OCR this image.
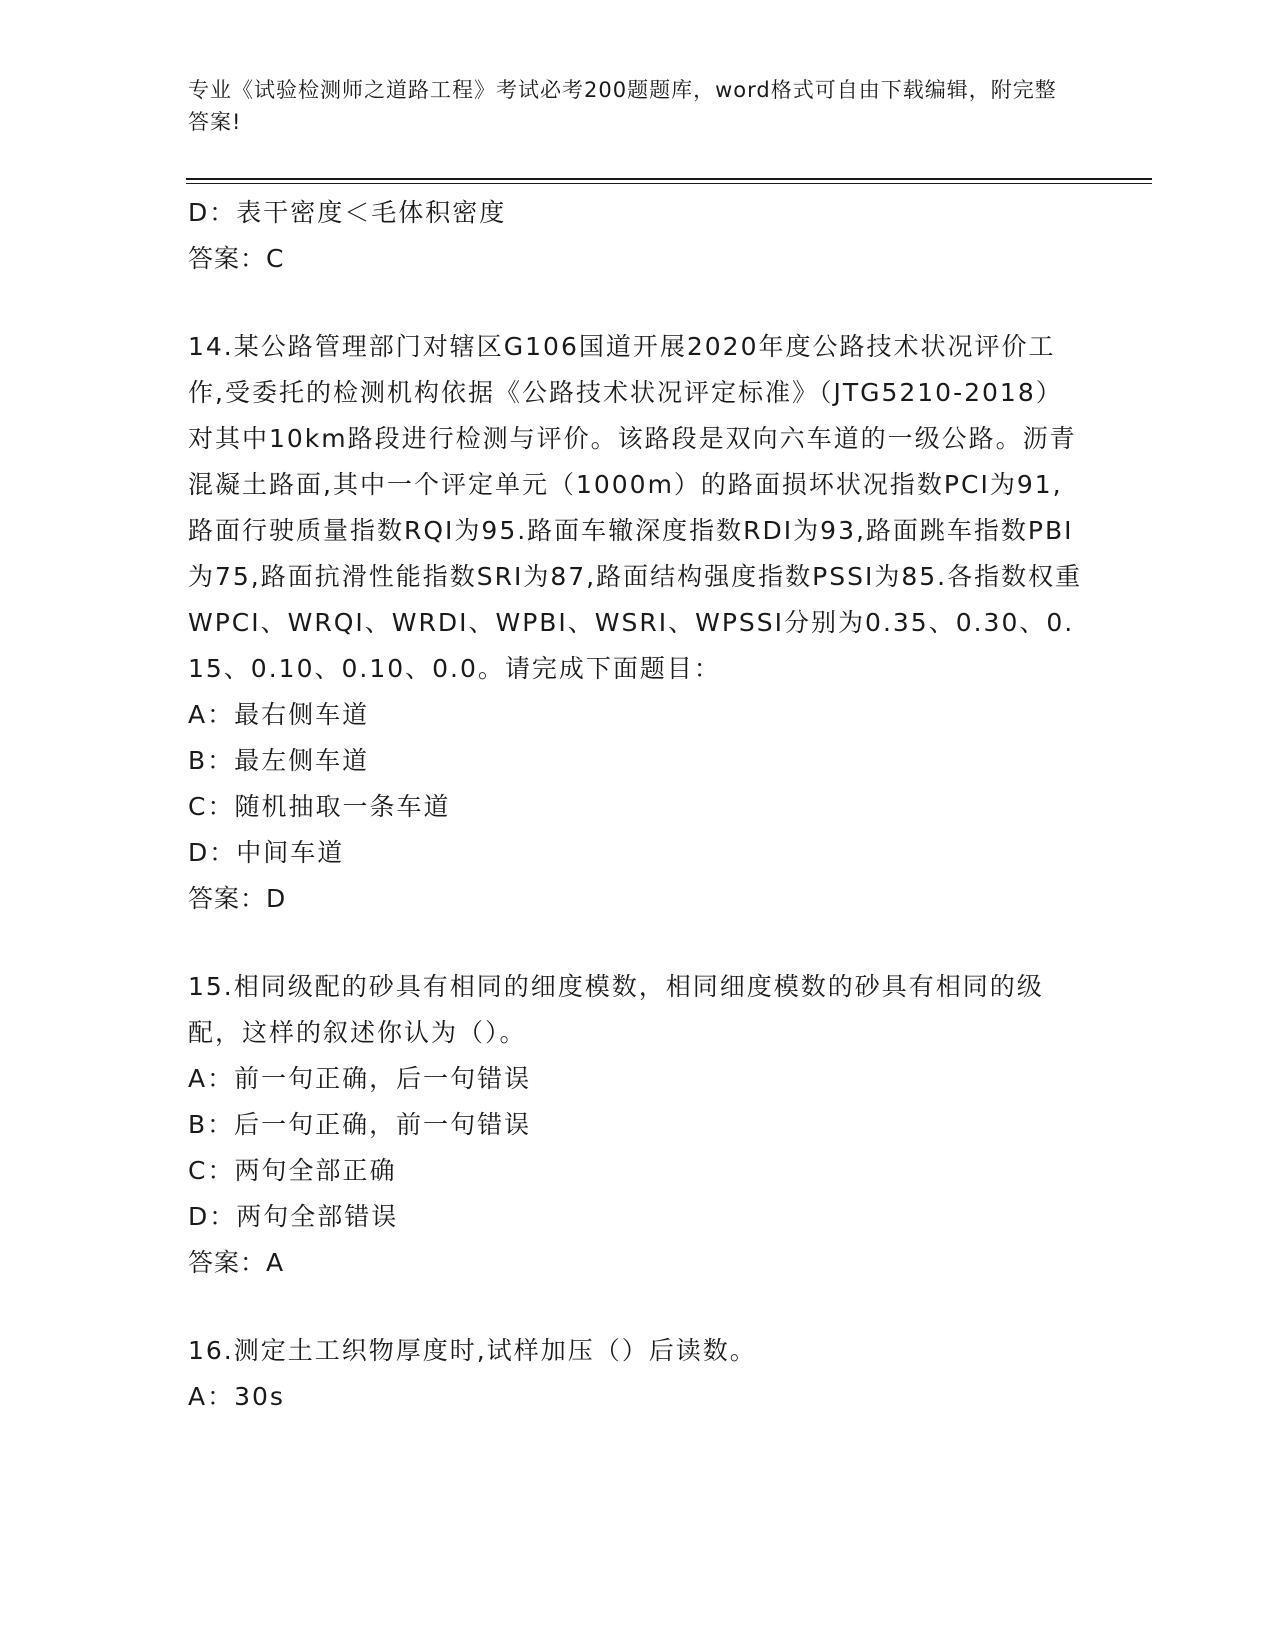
专业《试验检测师之道路工程》考试必考200题题库，word格式可自由下载编辑，附完整答案!
D：表干密度＜毛体积密度
答案：C
14.某公路管理部门对辖区G106国道开展2020年度公路技术状况评价工作,受委托的检测机构依据《公路技术状况评定标准》（JTG5210-2018）对其中10km路段进行检测与评价。该路段是双向六车道的一级公路。沥青混凝土路面,其中一个评定单元（1000m）的路面损坏状况指数PCI为91,路面行驶质量指数RQI为95.路面车辙深度指数RDI为93,路面跳车指数PBI为75,路面抗滑性能指数SRI为87,路面结构强度指数PSSI为85.各指数权重WPCI、WRQI、WRDI、WPBI、WSRI、WPSSI分别为0.35、0.30、0.15、0.10、0.10、0.0。请完成下面题目：
A：最右侧车道
B：最左侧车道
C：随机抽取一条车道
D：中间车道
答案：D
15.相同级配的砂具有相同的细度模数，相同细度模数的砂具有相同的级配，这样的叙述你认为（）。
A：前一句正确，后一句错误
B：后一句正确，前一句错误
C：两句全部正确
D：两句全部错误
答案：A
16.测定土工织物厚度时,试样加压（）后读数。
A：30s
